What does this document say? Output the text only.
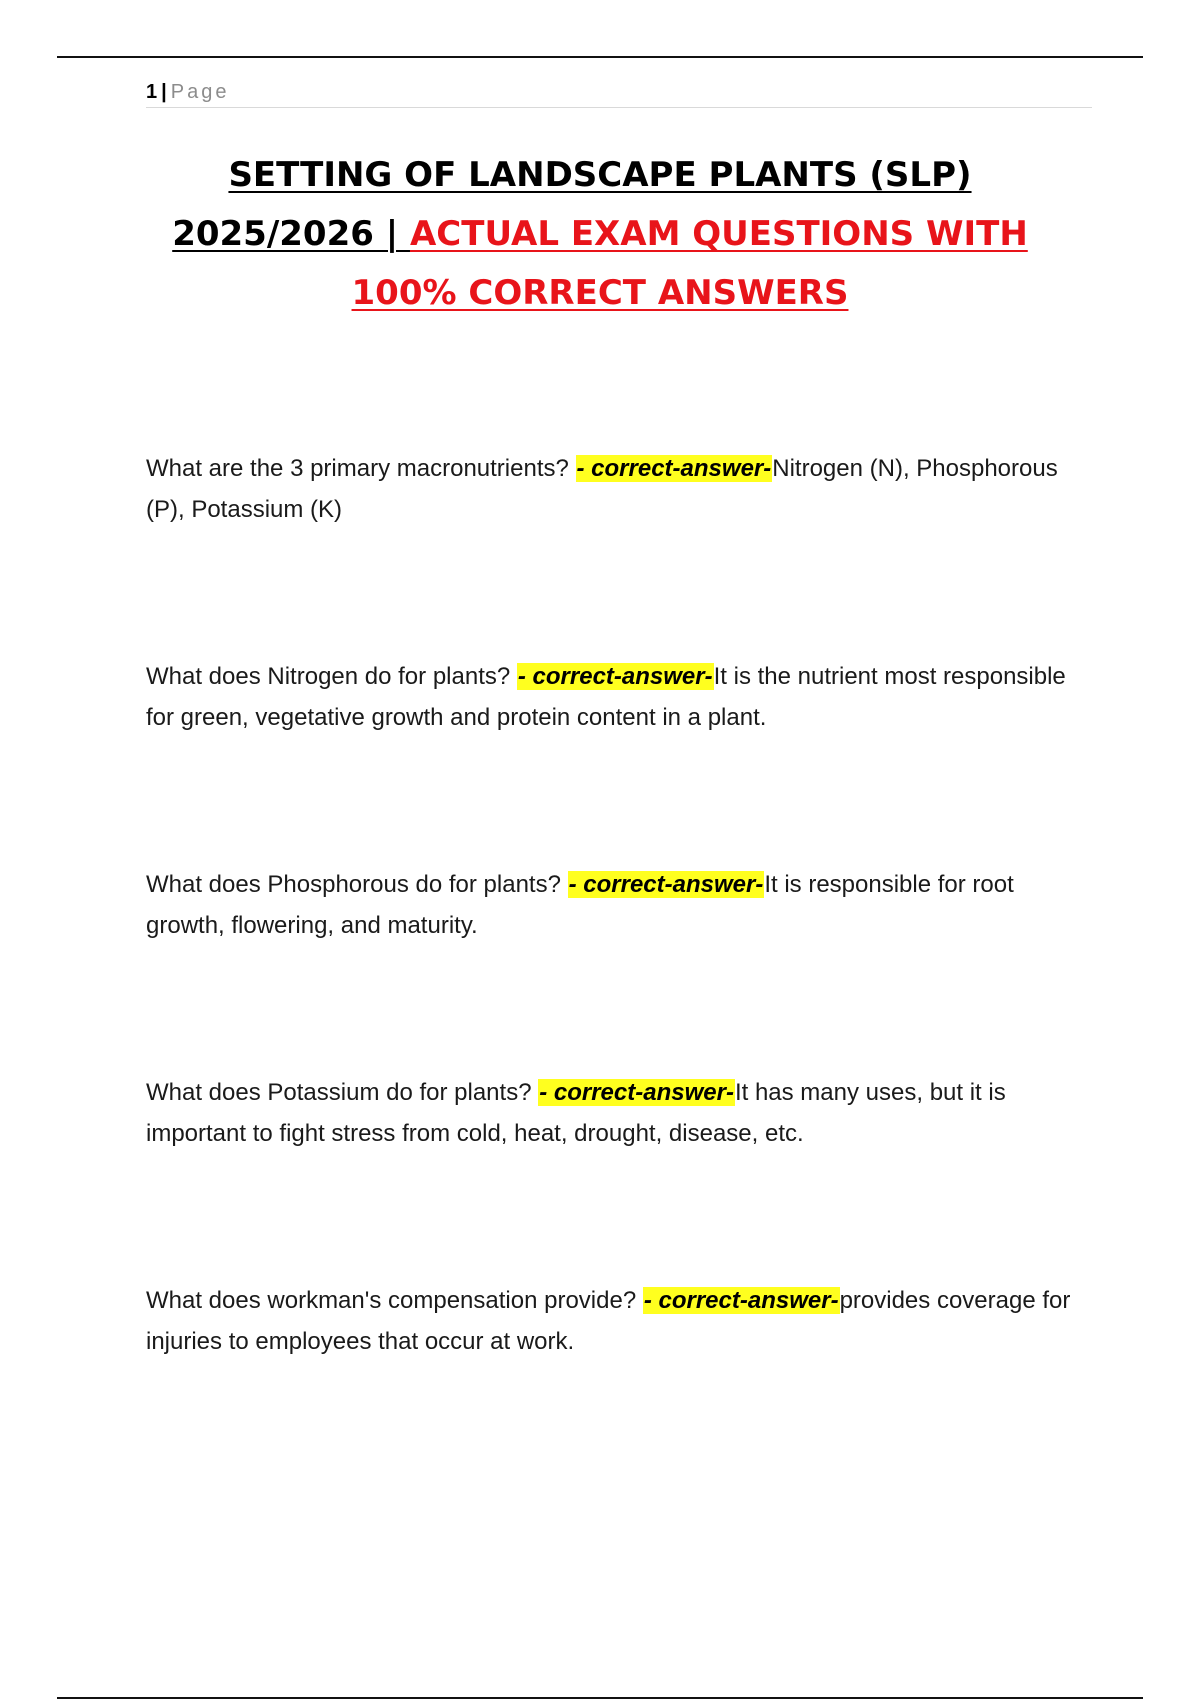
1 | Page
SETTING OF LANDSCAPE PLANTS (SLP)
2025/2026 | ACTUAL EXAM QUESTIONS WITH
100% CORRECT ANSWERS
What are the 3 primary macronutrients? - correct-answer-Nitrogen (N), Phosphorous (P), Potassium (K)
What does Nitrogen do for plants? - correct-answer-It is the nutrient most responsible for green, vegetative growth and protein content in a plant.
What does Phosphorous do for plants? - correct-answer-It is responsible for root growth, flowering, and maturity.
What does Potassium do for plants? - correct-answer-It has many uses, but it is important to fight stress from cold, heat, drought, disease, etc.
What does workman's compensation provide? - correct-answer-provides coverage for injuries to employees that occur at work.
